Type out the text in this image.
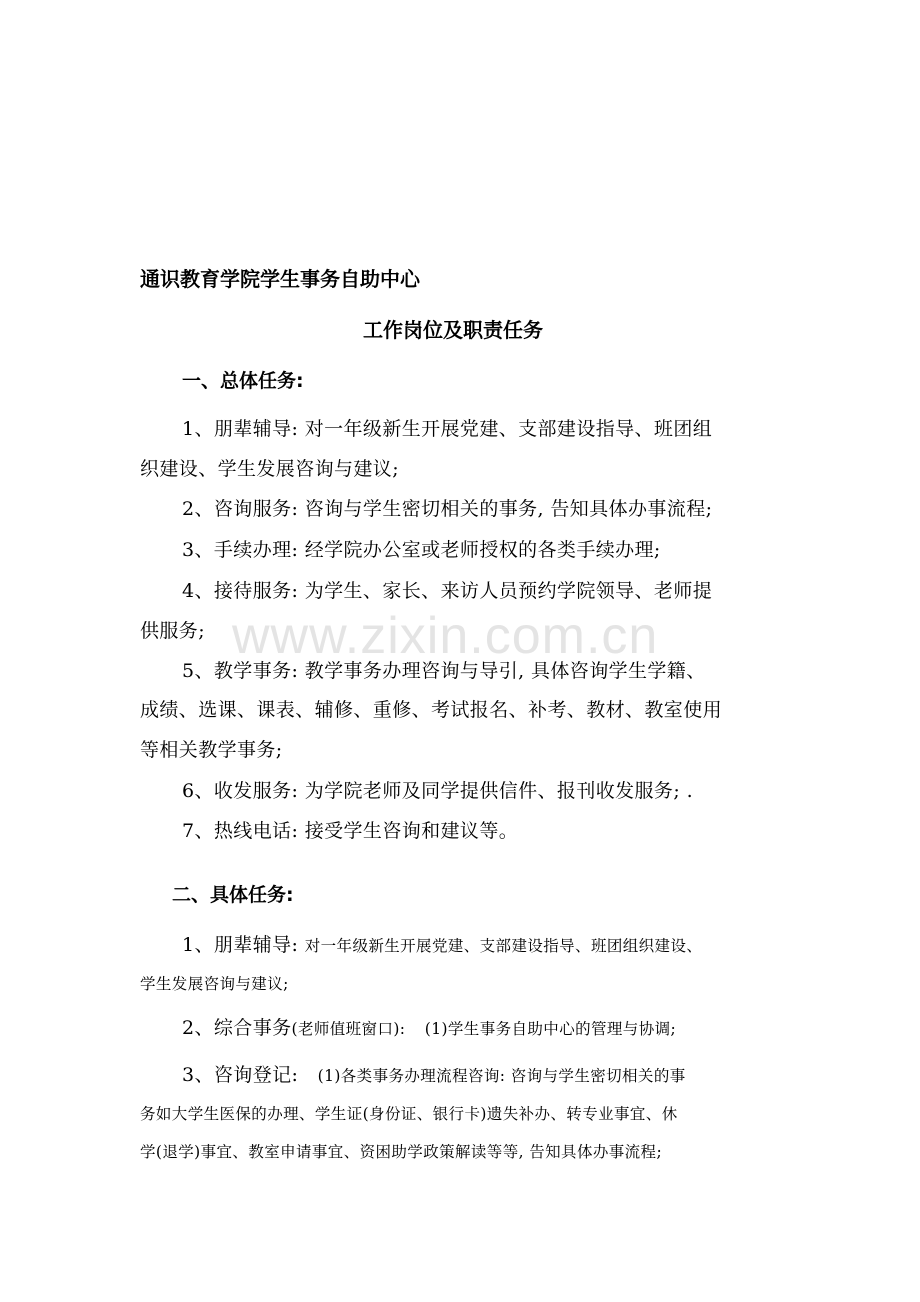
www.zixin.com.cn
通识教育学院学生事务自助中心
工作岗位及职责任务
一、总体任务:
1、朋辈辅导: 对一年级新生开展党建、支部建设指导、班团组
织建设、学生发展咨询与建议;
2、咨询服务: 咨询与学生密切相关的事务, 告知具体办事流程;
3、手续办理: 经学院办公室或老师授权的各类手续办理;
4、接待服务: 为学生、家长、来访人员预约学院领导、老师提
供服务;
5、教学事务: 教学事务办理咨询与导引, 具体咨询学生学籍、
成绩、选课、课表、辅修、重修、考试报名、补考、教材、教室使用
等相关教学事务;
6、收发服务: 为学院老师及同学提供信件、报刊收发服务; .
7、热线电话: 接受学生咨询和建议等。
二、具体任务:
1、朋辈辅导: 对一年级新生开展党建、支部建设指导、班团组织建设、
学生发展咨询与建议;
2、综合事务(老师值班窗口): (1)学生事务自助中心的管理与协调;
3、咨询登记: (1)各类事务办理流程咨询: 咨询与学生密切相关的事
务如大学生医保的办理、学生证(身份证、银行卡)遗失补办、转专业事宜、休
学(退学)事宜、教室申请事宜、资困助学政策解读等等, 告知具体办事流程;
